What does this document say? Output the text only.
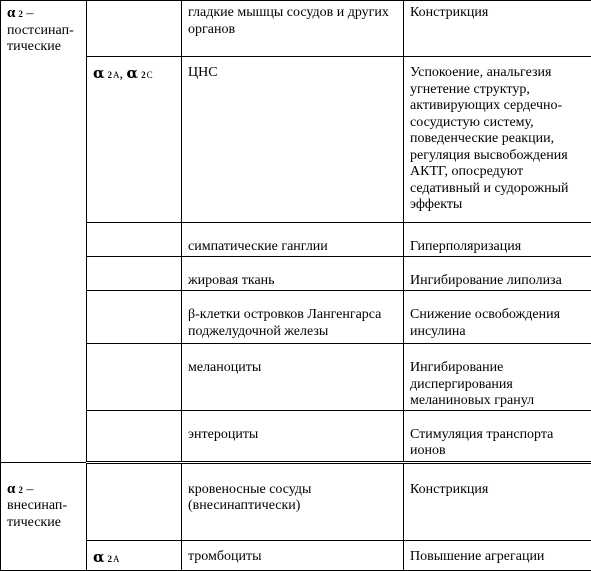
α 2 –
постсинап-
тические		гладкие мышцы сосудов и других органов	Констрикция
	α 2A, α 2C	ЦНС	Успокоение, анальгезия угнетение структур, активирующих сердечно-сосудистую систему, поведенческие реакции, регуляция высвобождения АКТГ, опосредуют седативный и судорожный эффекты
		симпатические ганглии	Гиперполяризация
		жировая ткань	Ингибирование липолиза
		β-клетки островков Лангенгарса поджелудочной железы	Снижение освобождения инсулина
		меланоциты	Ингибирование диспергирования меланиновых гранул
		энтероциты	Стимуляция транспорта ионов
α 2 –
внесинап-
тические		кровеносные сосуды (внесинаптически)	Констрикция
	α 2A	тромбоциты	Повышение агрегации
